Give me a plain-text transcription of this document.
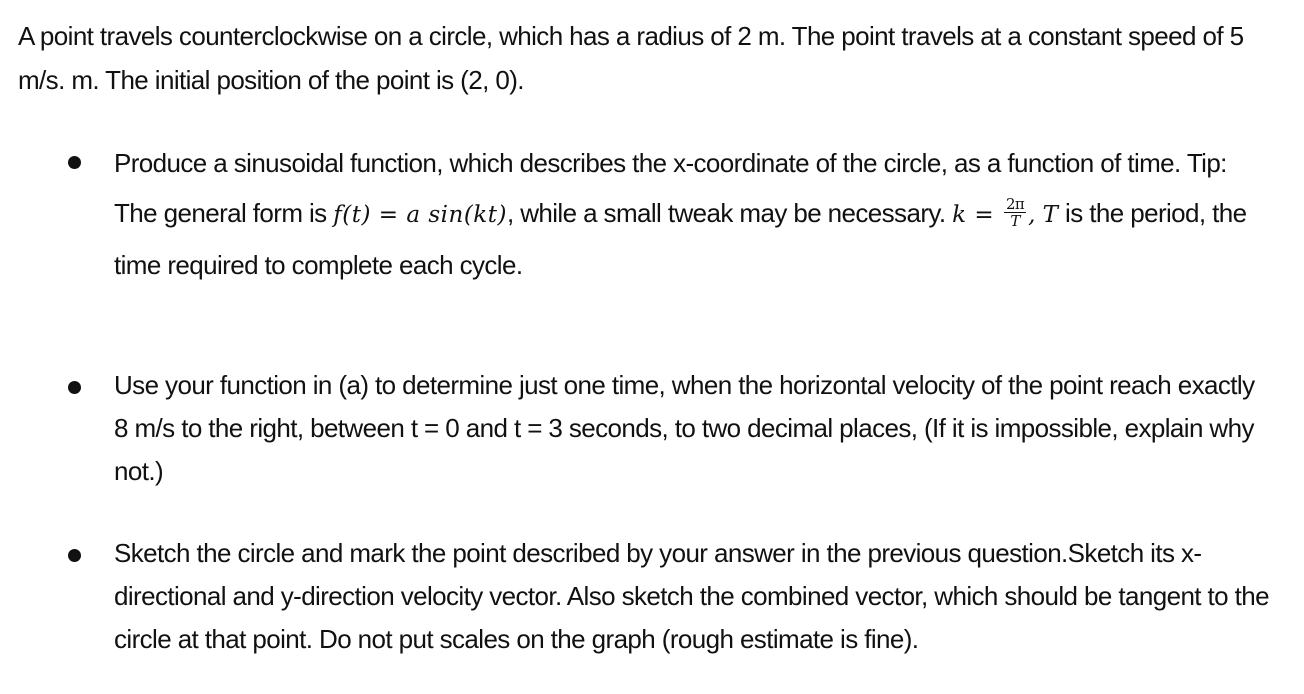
A point travels counterclockwise on a circle, which has a radius of 2 m. The point travels at a constant speed of 5 m/s. m. The initial position of the point is (2, 0).

Produce a sinusoidal function, which describes the x-coordinate of the circle, as a function of time. Tip: The general form is f(t) = a sin(kt), while a small tweak may be necessary. $k = \frac{2\pi}{T}$ , T is the period, the time required to complete each cycle.

Use your function in (a) to determine just one time, when the horizontal velocity of the point reach exactly 8 m/s to the right, between t = 0 and t = 3 seconds, to two decimal places, (If it is impossible, explain why not.)

Sketch the circle and mark the point described by your answer in the previous question.Sketch its x-directional and y-direction velocity vector. Also sketch the combined vector, which should be tangent to the circle at that point. Do not put scales on the graph (rough estimate is fine).
